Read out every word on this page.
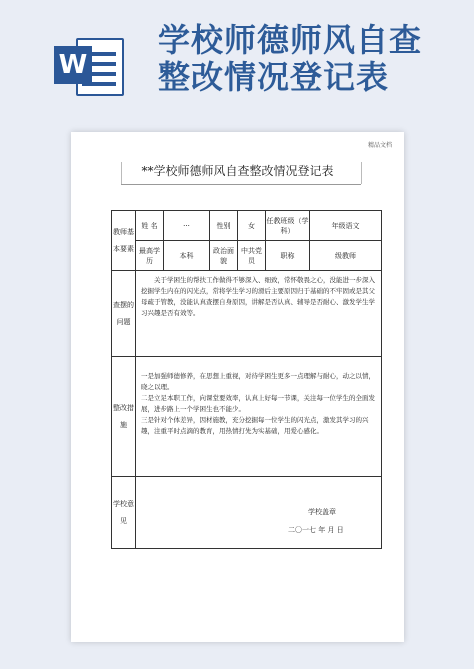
W
学校师德师风自查
整改情况登记表
精品文档
**学校师德师风自查整改情况登记表
教师基本要素	姓 名	···	性别	女	任教班级（学科）	年级语文
	最高学历	本科	政治面貌	中共党员	职称	级教师
查摆的问题	关于学困生的帮扶工作做得不够深入、细致，常怀敬畏之心，没能进一步深入挖掘学生内在的闪光点，常将学生学习的滑后主要原因归于基础的不牢固或是其父母疏于管教，没能认真查摆自身原因，讲解是否认真、辅导是否耐心、激发学生学习兴趣是否有效等。					

整改措施	一是加强师德修养，在思想上重视，对待学困生更多一点理解与耐心，动之以情，晓之以理。
二是立足本职工作，向课堂要效率，认真上好每一节课，关注每一位学生的全面发展，进步路上一个学困生也不能少。
三是针对个体差异，因材施教，充分挖掘每一位学生的闪光点，激发其学习的兴趣，注重平时点滴的教育，用热情打先为实基础，用爱心感化。					

学校意见	学校盖章
二〇一七 年 月 日					
